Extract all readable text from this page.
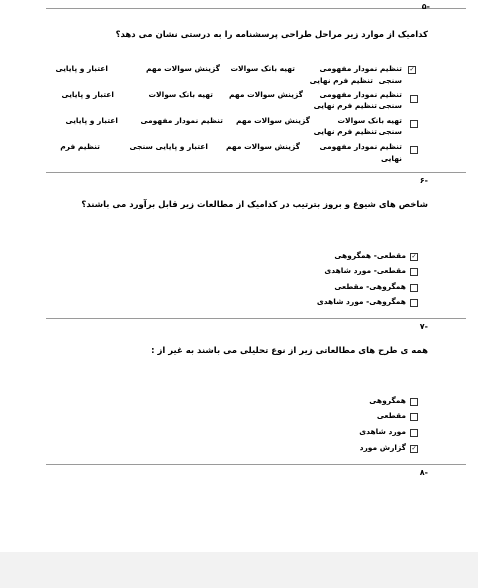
-۵
کدامیک از موارد زیر مراحل طراحی پرسشنامه را به درستی نشان می دهد؟
✓
تنظیم نمودار مفهومی
تهیه بانک سوالات
گزینش سوالات مهم
اعتبار و پایایی
سنجی
تنظیم فرم نهایی
تنظیم نمودار مفهومی
گزینش سوالات مهم
تهیه بانک سوالات
اعتبار و پایایی
سنجی
تنظیم فرم نهایی
تهیه بانک سوالات
گزینش سوالات مهم
تنظیم نمودار مفهومی
اعتبار و پایایی
سنجی
تنظیم فرم نهایی
تنظیم نمودار مفهومی
گزینش سوالات مهم
اعتبار و پایایی سنجی
تنظیم فرم
نهایی
-۶
شاخص های شیوع و بروز بترتیب در کدامیک از مطالعات زیر قابل برآورد می باشند؟
✓
مقطعی- همگروهی
مقطعی- مورد شاهدی
همگروهی- مقطعی
همگروهی- مورد شاهدی
-۷
همه ی طرح های مطالعاتی زیر از نوع تحلیلی می باشند به غیر از :
همگروهی
مقطعی
مورد شاهدی
✓
گزارش مورد
-۸
